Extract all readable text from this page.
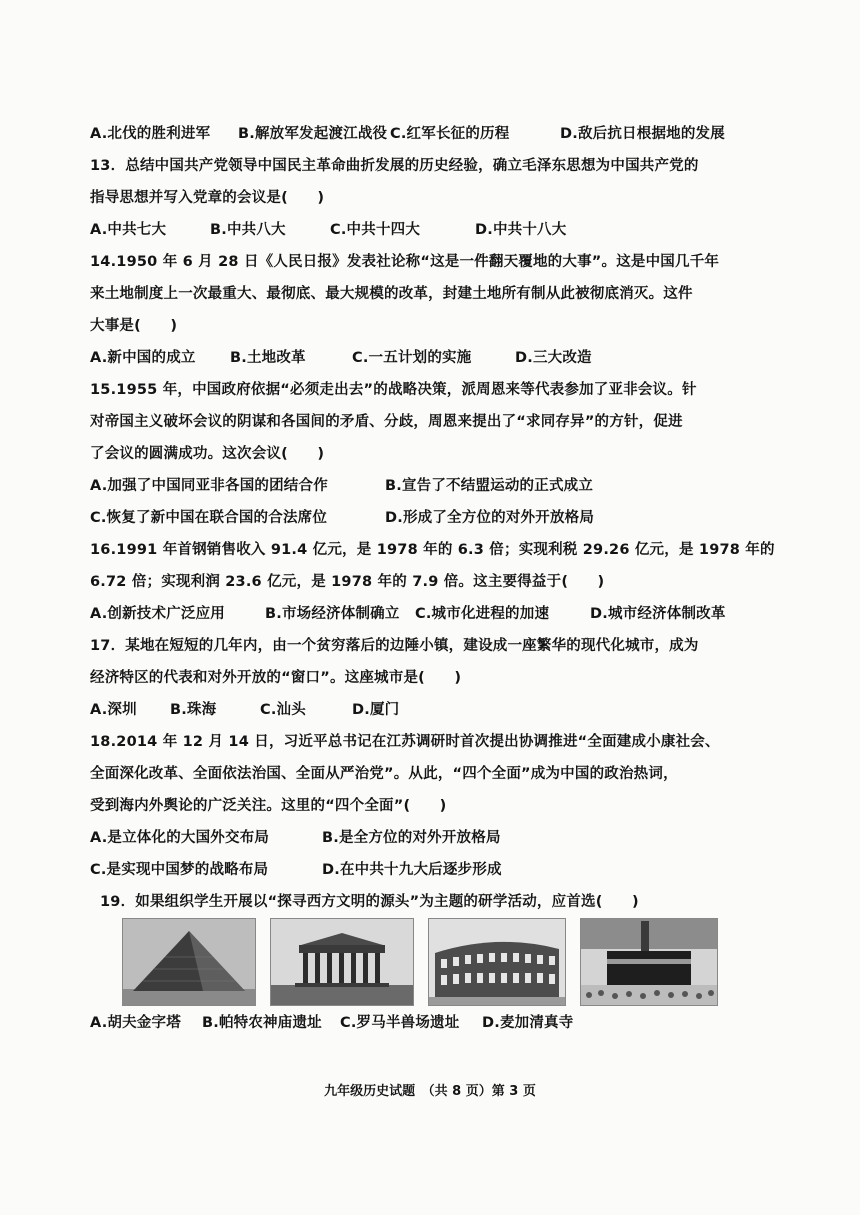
A.北伐的胜利进军 B.解放军发起渡江战役 C.红军长征的历程	D.敌后抗日根据地的发展
13．总结中国共产党领导中国民主革命曲折发展的历史经验，确立毛泽东思想为中国共产党的
指导思想并写入党章的会议是(　　)
A.中共七大	B.中共八大	C.中共十四大	D.中共十八大
14.1950 年 6 月 28 日《人民日报》发表社论称“这是一件翻天覆地的大事”。这是中国几千年
来土地制度上一次最重大、最彻底、最大规模的改革，封建土地所有制从此被彻底消灭。这件
大事是(　　)
A.新中国的成立 B.土地改革	C.一五计划的实施	D.三大改造
15.1955 年，中国政府依据“必须走出去”的战略决策，派周恩来等代表参加了亚非会议。针
对帝国主义破坏会议的阴谋和各国间的矛盾、分歧，周恩来提出了“求同存异”的方针，促进
了会议的圆满成功。这次会议(　　)
A.加强了中国同亚非各国的团结合作	B.宣告了不结盟运动的正式成立
C.恢复了新中国在联合国的合法席位	D.形成了全方位的对外开放格局
16.1991 年首钢销售收入 91.4 亿元，是 1978 年的 6.3 倍；实现利税 29.26 亿元，是 1978 年的
6.72 倍；实现利润 23.6 亿元，是 1978 年的 7.9 倍。这主要得益于(　　)
A.创新技术广泛应用	B.市场经济体制确立 C.城市化进程的加速	D.城市经济体制改革
17．某地在短短的几年内，由一个贫穷落后的边陲小镇，建设成一座繁华的现代化城市，成为
经济特区的代表和对外开放的“窗口”。这座城市是(　　)
A.深圳 B.珠海	C.汕头	D.厦门
18.2014 年 12 月 14 日，习近平总书记在江苏调研时首次提出协调推进“全面建成小康社会、
全面深化改革、全面依法治国、全面从严治党”。从此，“四个全面”成为中国的政治热词，
受到海内外舆论的广泛关注。这里的“四个全面”(　　)
A.是立体化的大国外交布局	B.是全方位的对外开放格局
C.是实现中国梦的战略布局	D.在中共十九大后逐步形成
19．如果组织学生开展以“探寻西方文明的源头”为主题的研学活动，应首选(　　)
A.胡夫金字塔 B.帕特农神庙遗址 C.罗马半兽场遗址 D.麦加清真寺
九年级历史试题　（共 8 页）第 3 页
